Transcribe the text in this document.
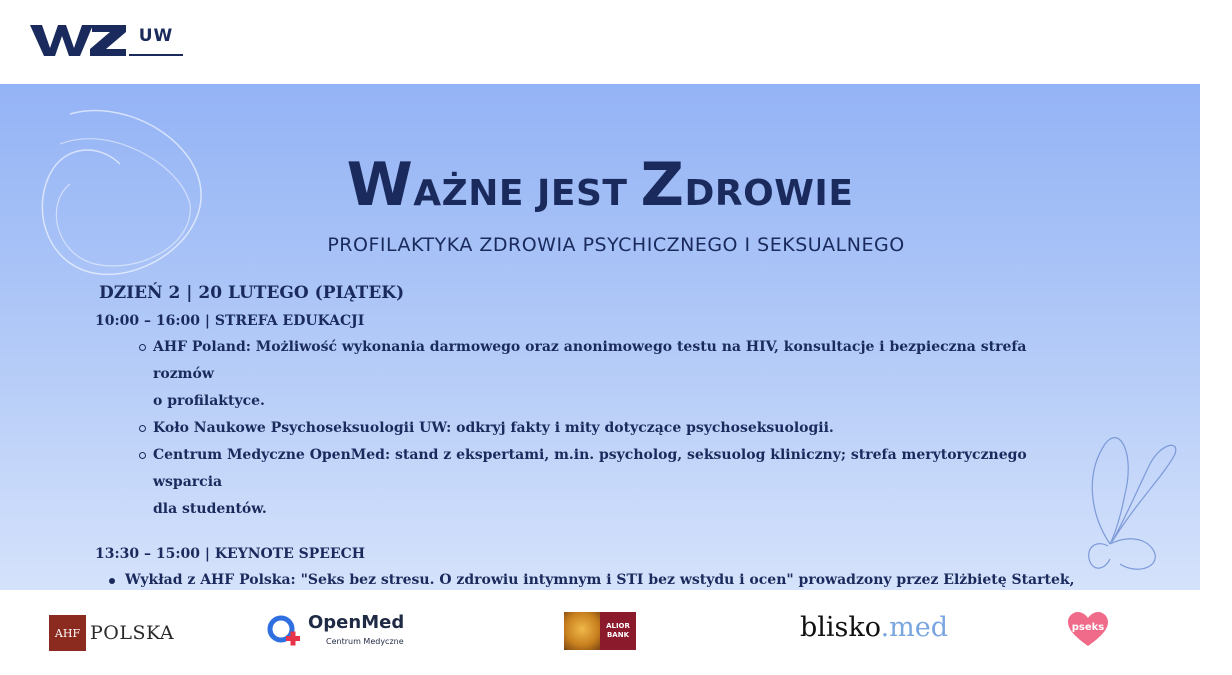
UW
WAŻNE JEST ZDROWIE
PROFILAKTYKA ZDROWIA PSYCHICZNEGO I SEKSUALNEGO
DZIEŃ 2 | 20 LUTEGO (PIĄTEK)
10:00 – 16:00 | STREFA EDUKACJI
AHF Poland: Możliwość wykonania darmowego oraz anonimowego testu na HIV, konsultacje i bezpieczna strefa rozmów
o profilaktyce.
Koło Naukowe Psychoseksuologii UW: odkryj fakty i mity dotyczące psychoseksuologii.
Centrum Medyczne OpenMed: stand z ekspertami, m.in. psycholog, seksuolog kliniczny; strefa merytorycznego wsparcia
dla studentów.
13:30 – 15:00 | KEYNOTE SPEECH
Wykład z AHF Polska: "Seks bez stresu. O zdrowiu intymnym i STI bez wstydu i ocen" prowadzony przez Elżbietę Startek,
AHF POLSKA	OpenMed
Centrum Medyczne
ALIOR
BANK	blisko.med	pseks
